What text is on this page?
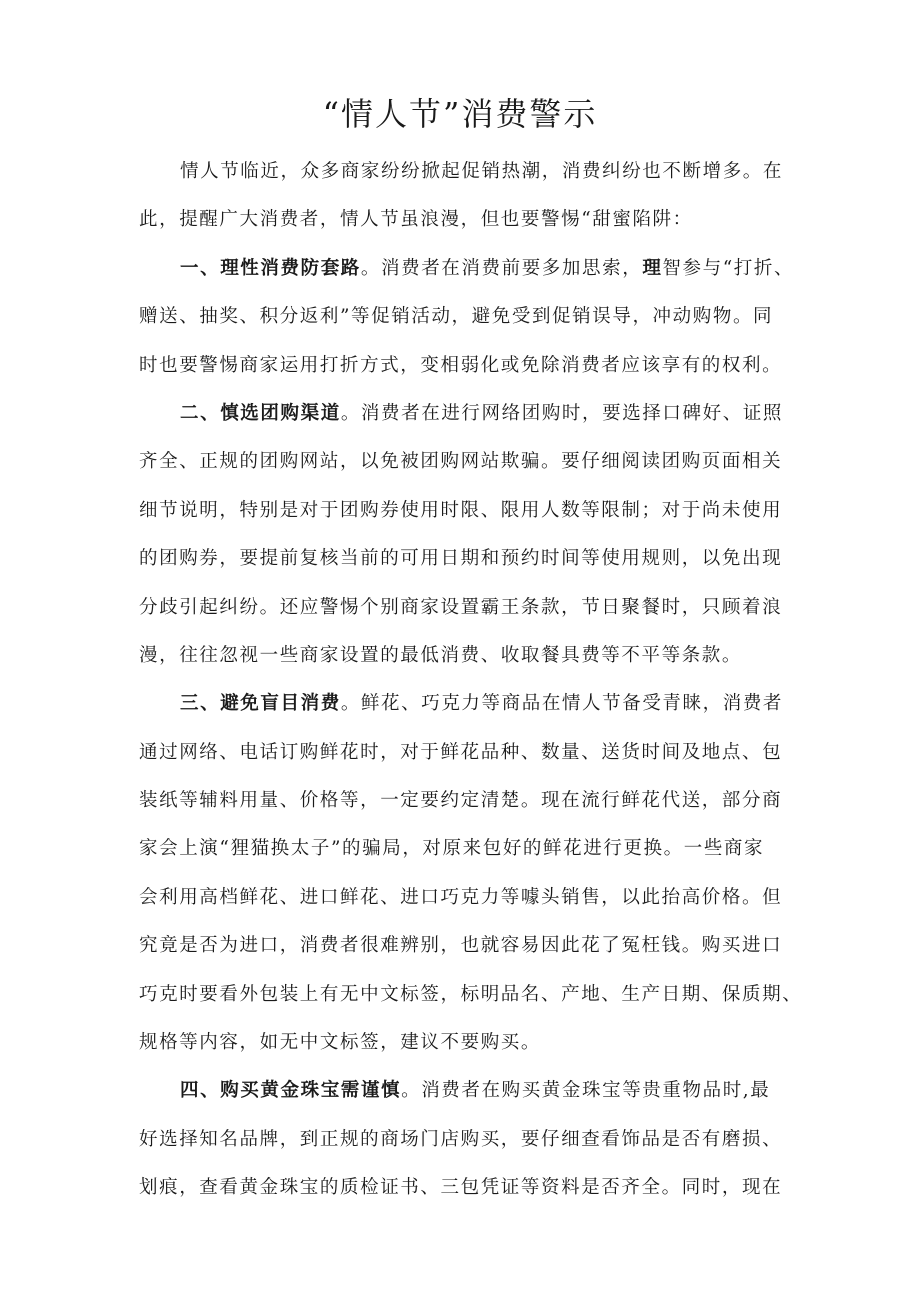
“情人节”消费警示
情人节临近，众多商家纷纷掀起促销热潮，消费纠纷也不断增多。在
此，提醒广大消费者，情人节虽浪漫，但也要警惕“甜蜜陷阱：
一、理性消费防套路。消费者在消费前要多加思索，理智参与“打折、
赠送、抽奖、积分返利”等促销活动，避免受到促销误导，冲动购物。同
时也要警惕商家运用打折方式，变相弱化或免除消费者应该享有的权利。
二、慎选团购渠道。消费者在进行网络团购时，要选择口碑好、证照
齐全、正规的团购网站，以免被团购网站欺骗。要仔细阅读团购页面相关
细节说明，特别是对于团购券使用时限、限用人数等限制；对于尚未使用
的团购券，要提前复核当前的可用日期和预约时间等使用规则，以免出现
分歧引起纠纷。还应警惕个别商家设置霸王条款，节日聚餐时，只顾着浪
漫，往往忽视一些商家设置的最低消费、收取餐具费等不平等条款。
三、避免盲目消费。鲜花、巧克力等商品在情人节备受青睐，消费者
通过网络、电话订购鲜花时，对于鲜花品种、数量、送货时间及地点、包
装纸等辅料用量、价格等，一定要约定清楚。现在流行鲜花代送，部分商
家会上演“狸猫换太子”的骗局，对原来包好的鲜花进行更换。一些商家
会利用高档鲜花、进口鲜花、进口巧克力等噱头销售，以此抬高价格。但
究竟是否为进口，消费者很难辨别，也就容易因此花了冤枉钱。购买进口
巧克时要看外包装上有无中文标签，标明品名、产地、生产日期、保质期、
规格等内容，如无中文标签，建议不要购买。
四、购买黄金珠宝需谨慎。消费者在购买黄金珠宝等贵重物品时,最
好选择知名品牌，到正规的商场门店购买，要仔细查看饰品是否有磨损、
划痕，查看黄金珠宝的质检证书、三包凭证等资料是否齐全。同时，现在
